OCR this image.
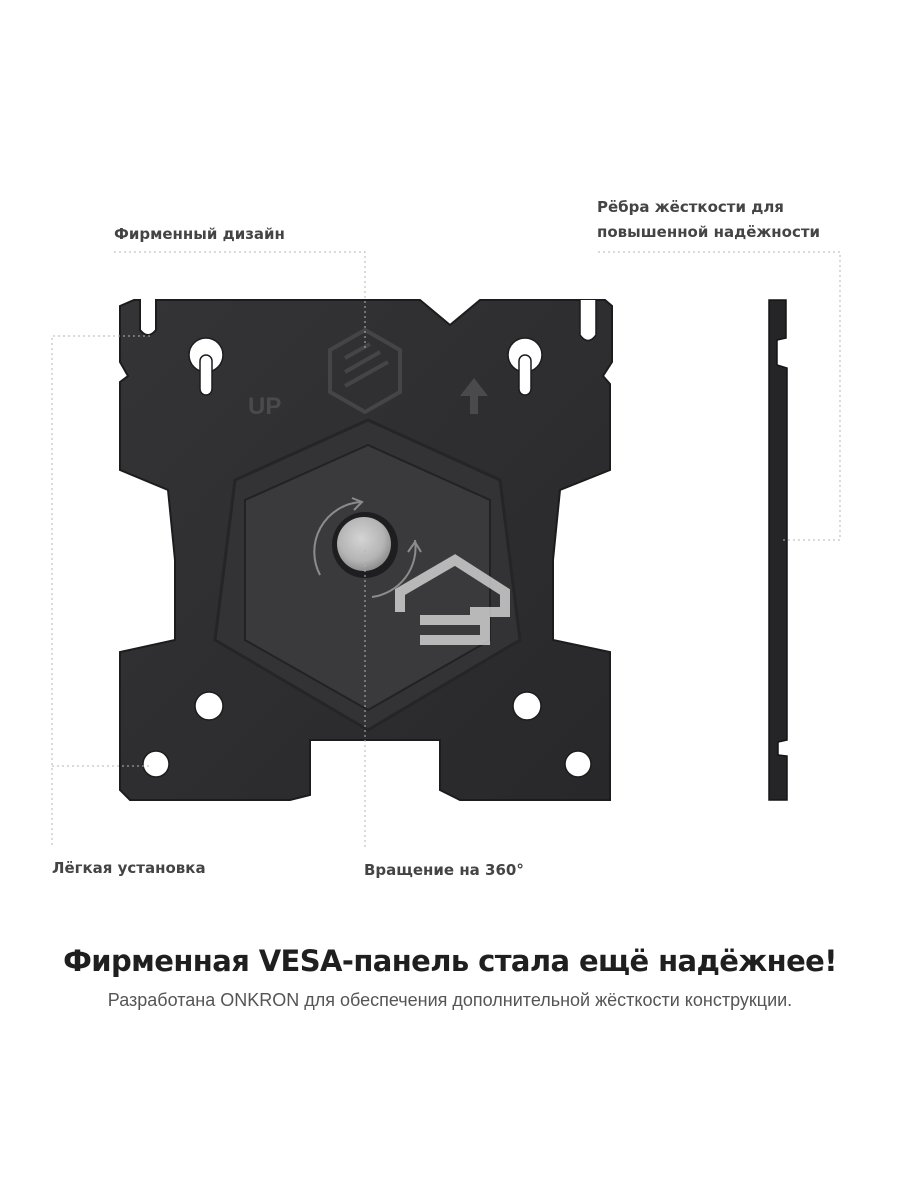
UP
Фирменный дизайн
Рёбра жёсткости для
повышенной надёжности
Лёгкая установка	Вращение на 360°
Фирменная VESA-панель стала ещё надёжнее!
Разработана ONKRON для обеспечения дополнительной жёсткости конструкции.
